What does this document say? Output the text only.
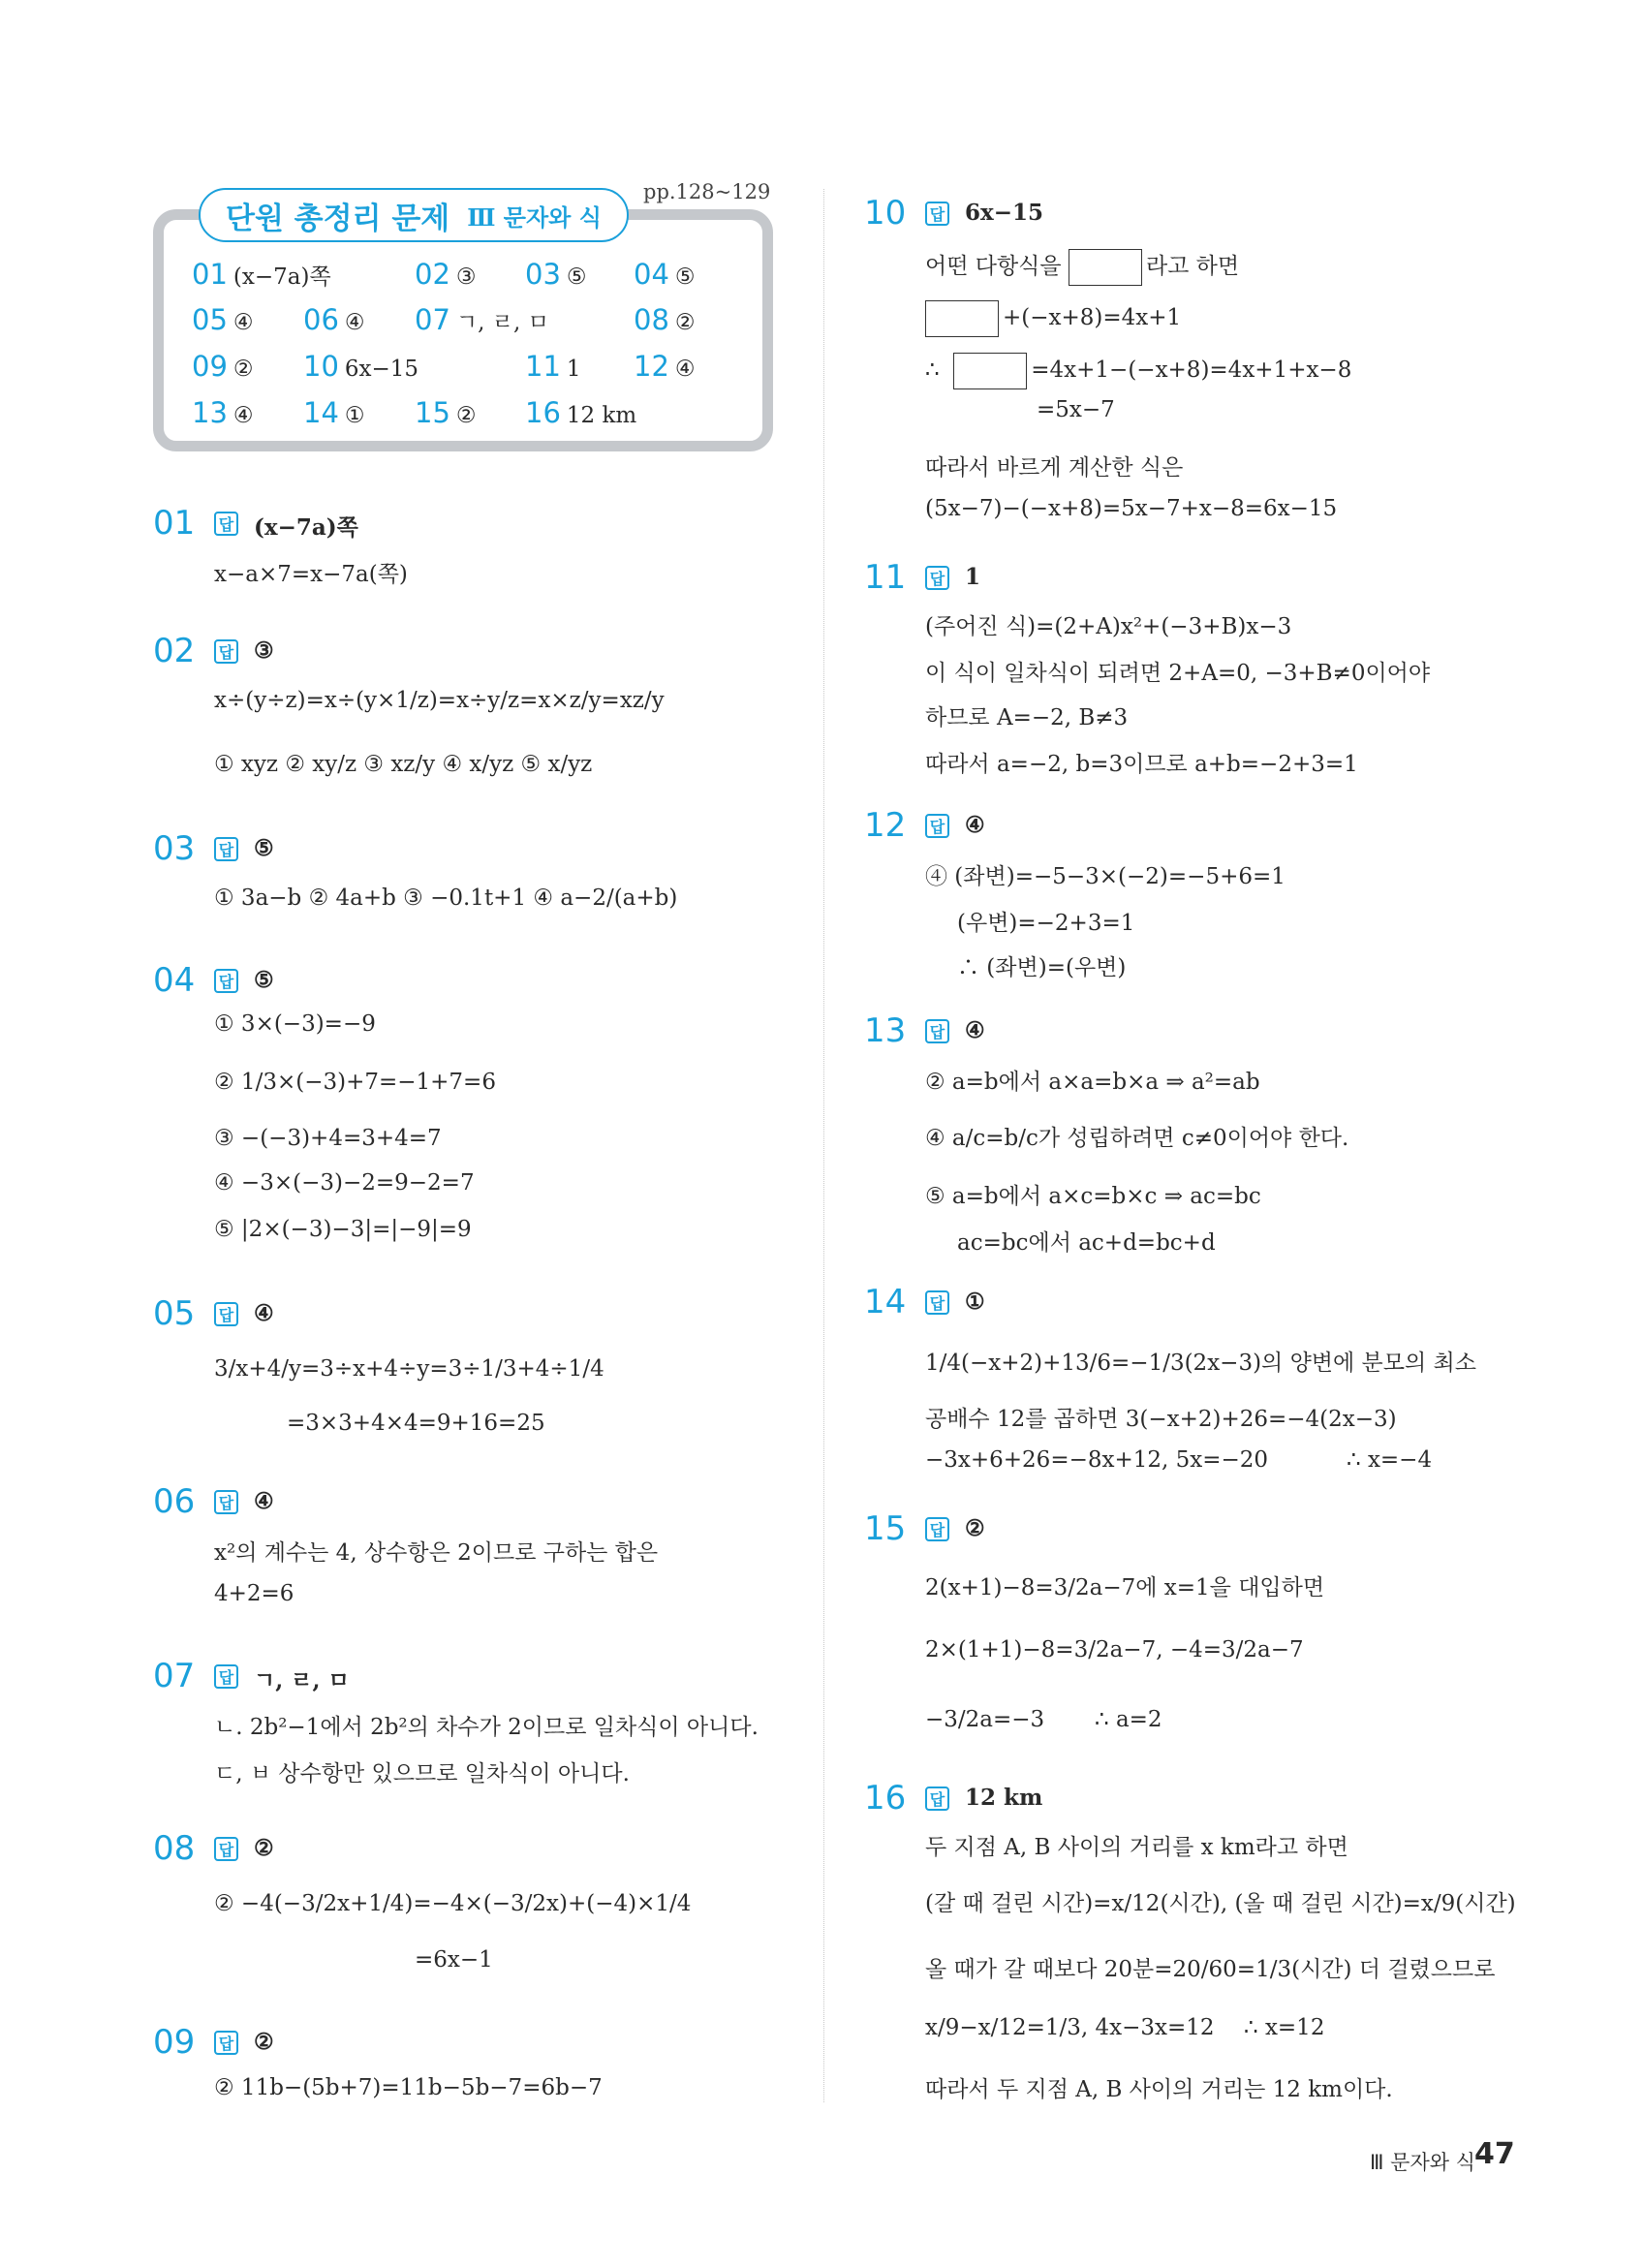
pp.128~129
단원 총정리 문제 Ⅲ 문자와 식
01 (x−7a)쪽	02 ③ 03 ⑤ 04 ⑤
05 ④ 06 ④ 07 ㄱ, ㄹ, ㅁ	08 ②
09 ② 10 6x−15	11 1 12 ④
13 ④ 14 ① 15 ② 16 12 km
01 답 (x−7a)쪽
x−a×7=x−7a(쪽)
02 답 ③
x÷(y÷z)=x÷(y×1/z)=x÷y/z=x×z/y=xz/y
① xyz ② xy/z ③ xz/y ④ x/yz ⑤ x/yz
03 답 ⑤
① 3a−b ② 4a+b ③ −0.1t+1 ④ a−2/(a+b)
04 답 ⑤
① 3×(−3)=−9
② 1/3×(−3)+7=−1+7=6
③ −(−3)+4=3+4=7
④ −3×(−3)−2=9−2=7
⑤ |2×(−3)−3|=|−9|=9
05 답 ④
3/x+4/y=3÷x+4÷y=3÷1/3+4÷1/4
=3×3+4×4=9+16=25
06 답 ④
x²의 계수는 4, 상수항은 2이므로 구하는 합은
4+2=6
07 답 ㄱ, ㄹ, ㅁ
ㄴ. 2b²−1에서 2b²의 차수가 2이므로 일차식이 아니다.
ㄷ, ㅂ 상수항만 있으므로 일차식이 아니다.
08 답 ②
② −4(−3/2x+1/4)=−4×(−3/2x)+(−4)×1/4
=6x−1
09 답 ②
② 11b−(5b+7)=11b−5b−7=6b−7
10 답 6x−15
어떤 다항식을	라고 하면
+(−x+8)=4x+1
∴	=4x+1−(−x+8)=4x+1+x−8
=5x−7
따라서 바르게 계산한 식은
(5x−7)−(−x+8)=5x−7+x−8=6x−15
11 답 1
(주어진 식)=(2+A)x²+(−3+B)x−3
이 식이 일차식이 되려면 2+A=0, −3+B≠0이어야
하므로 A=−2, B≠3
따라서 a=−2, b=3이므로 a+b=−2+3=1
12 답 ④
④ (좌변)=−5−3×(−2)=−5+6=1
(우변)=−2+3=1
∴ (좌변)=(우변)
13 답 ④
② a=b에서 a×a=b×a ⇒ a²=ab
④ a/c=b/c가 성립하려면 c≠0이어야 한다.
⑤ a=b에서 a×c=b×c ⇒ ac=bc
ac=bc에서 ac+d=bc+d
14 답 ①
1/4(−x+2)+13/6=−1/3(2x−3)의 양변에 분모의 최소
공배수 12를 곱하면 3(−x+2)+26=−4(2x−3)
−3x+6+26=−8x+12, 5x=−20	∴ x=−4
15 답 ②
2(x+1)−8=3/2a−7에 x=1을 대입하면
2×(1+1)−8=3/2a−7, −4=3/2a−7
−3/2a=−3 ∴ a=2
16 답 12 km
두 지점 A, B 사이의 거리를 x km라고 하면
(갈 때 걸린 시간)=x/12(시간), (올 때 걸린 시간)=x/9(시간)
올 때가 갈 때보다 20분=20/60=1/3(시간) 더 걸렸으므로
x/9−x/12=1/3, 4x−3x=12 ∴ x=12
따라서 두 지점 A, B 사이의 거리는 12 km이다.
Ⅲ 문자와 식 47
